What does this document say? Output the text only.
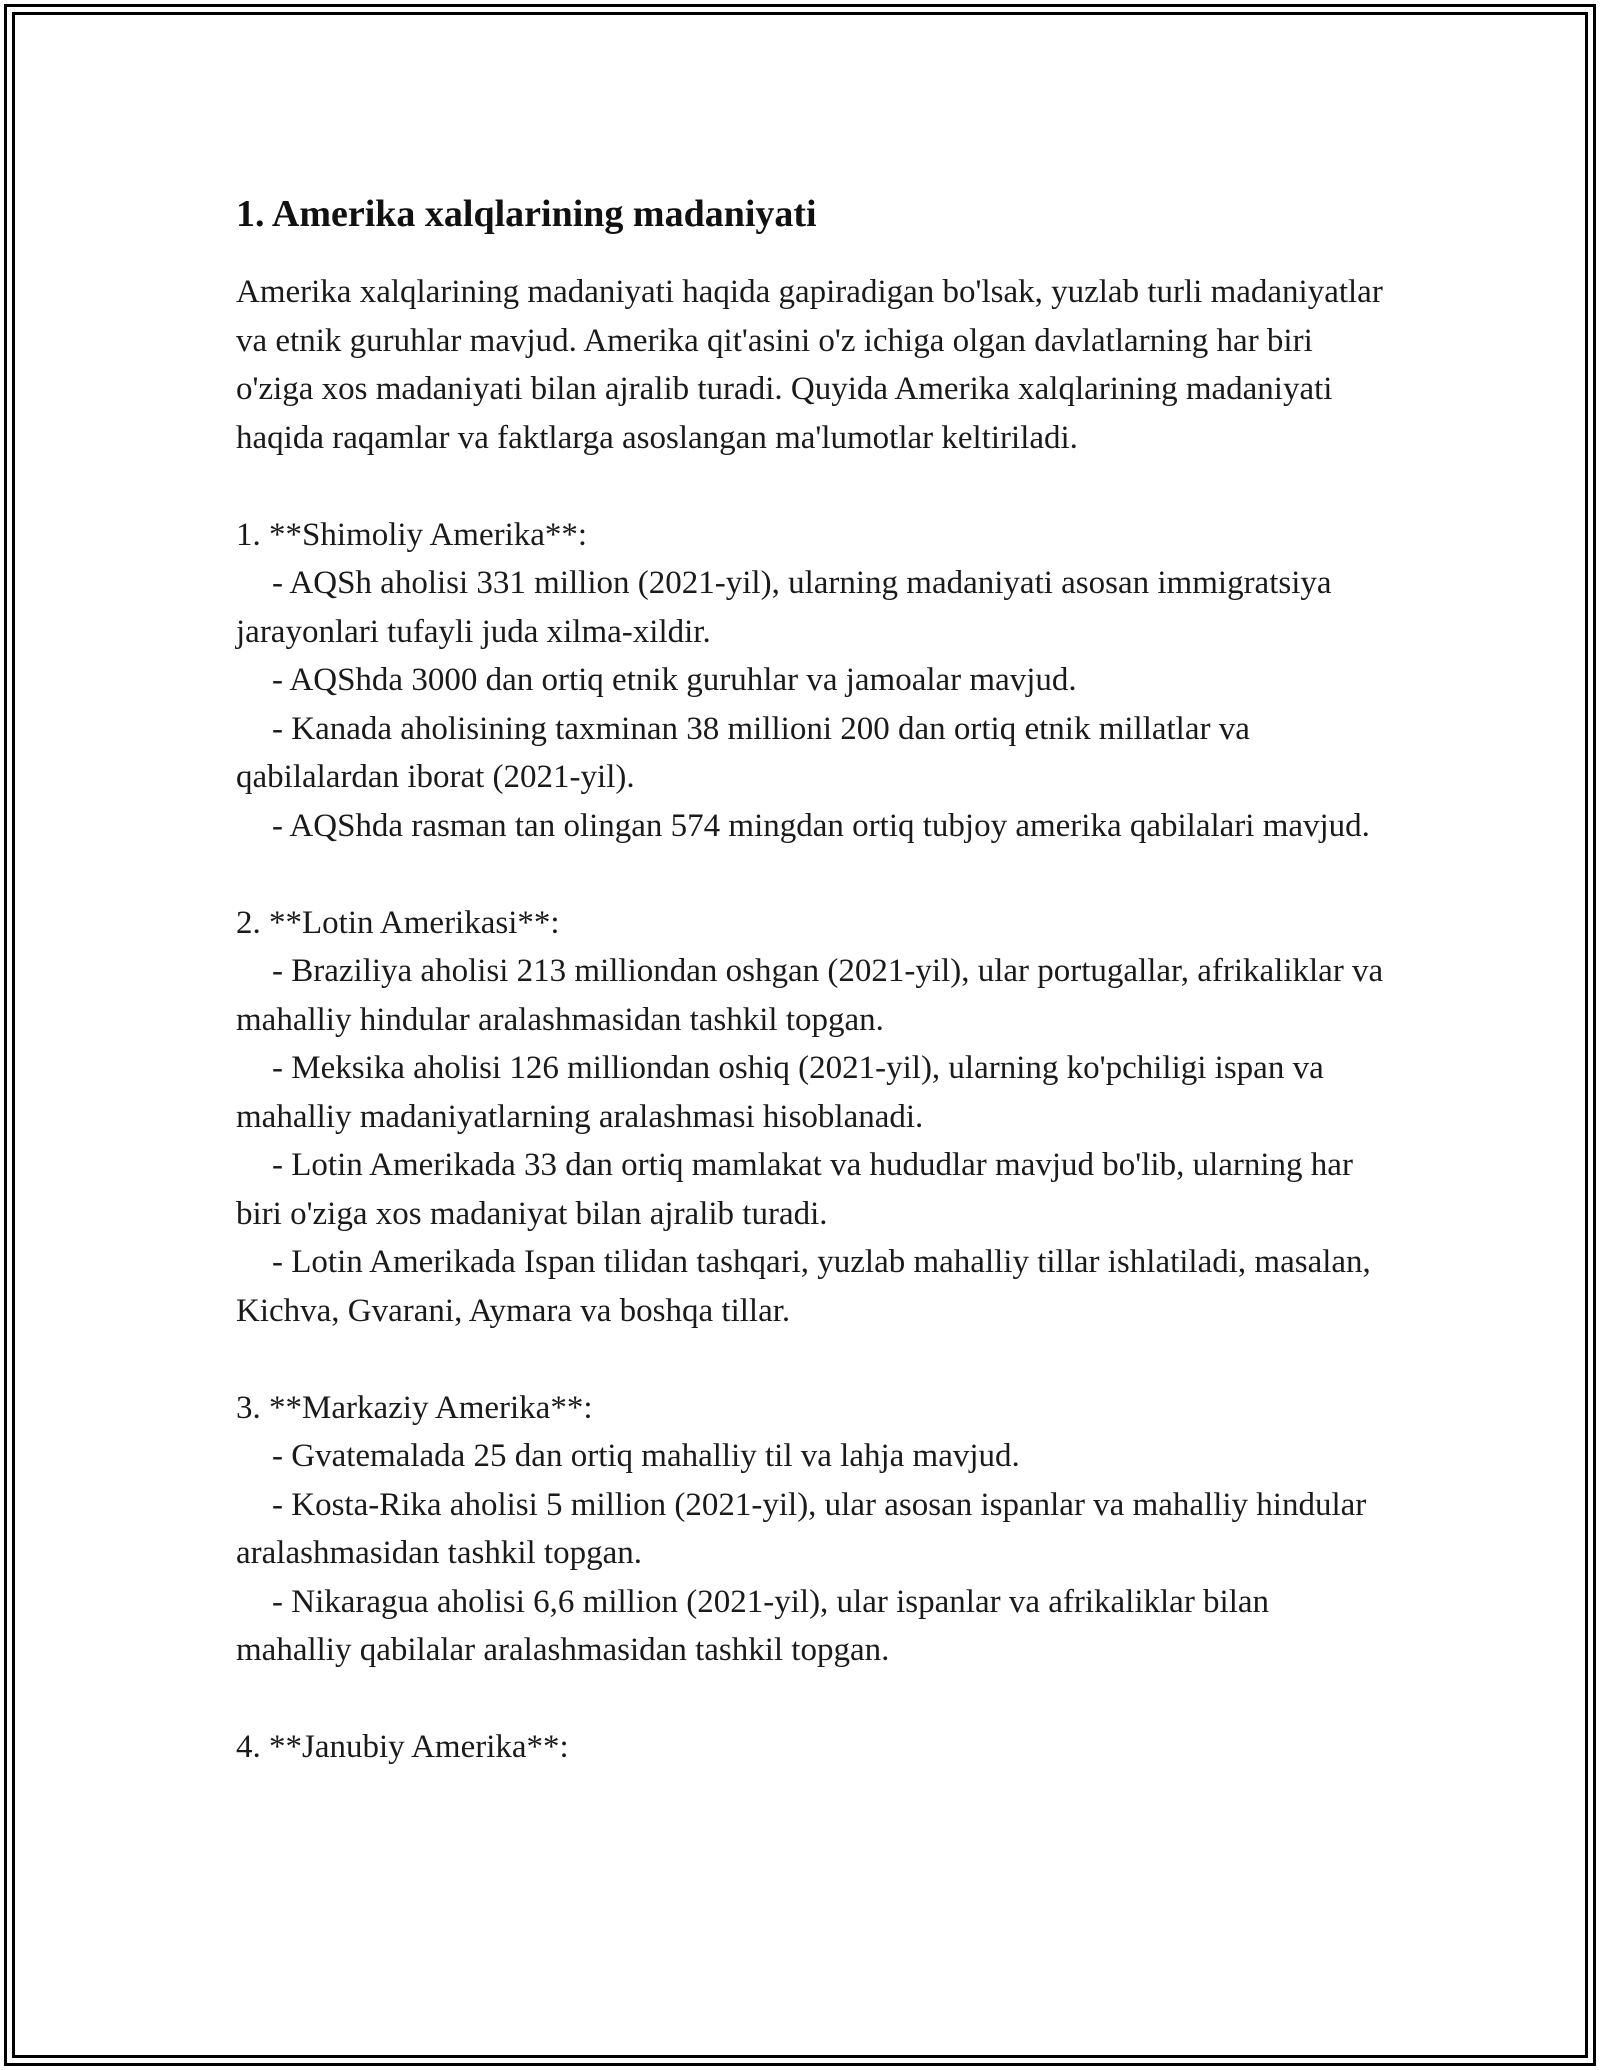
1. Amerika xalqlarining madaniyati

Amerika xalqlarining madaniyati haqida gapiradigan bo'lsak, yuzlab turli madaniyatlar va etnik guruhlar mavjud. Amerika qit'asini o'z ichiga olgan davlatlarning har biri o'ziga xos madaniyati bilan ajralib turadi. Quyida Amerika xalqlarining madaniyati haqida raqamlar va faktlarga asoslangan ma'lumotlar keltiriladi.

1. **Shimoliy Amerika**:

- AQSh aholisi 331 million (2021-yil), ularning madaniyati asosan immigratsiya jarayonlari tufayli juda xilma-xildir.

- AQShda 3000 dan ortiq etnik guruhlar va jamoalar mavjud.

- Kanada aholisining taxminan 38 millioni 200 dan ortiq etnik millatlar va qabilalardan iborat (2021-yil).

- AQShda rasman tan olingan 574 mingdan ortiq tubjoy amerika qabilalari mavjud.

2. **Lotin Amerikasi**:

- Braziliya aholisi 213 milliondan oshgan (2021-yil), ular portugallar, afrikaliklar va mahalliy hindular aralashmasidan tashkil topgan.

- Meksika aholisi 126 milliondan oshiq (2021-yil), ularning ko'pchiligi ispan va mahalliy madaniyatlarning aralashmasi hisoblanadi.

- Lotin Amerikada 33 dan ortiq mamlakat va hududlar mavjud bo'lib, ularning har biri o'ziga xos madaniyat bilan ajralib turadi.

- Lotin Amerikada Ispan tilidan tashqari, yuzlab mahalliy tillar ishlatiladi, masalan, Kichva, Gvarani, Aymara va boshqa tillar.

3. **Markaziy Amerika**:

- Gvatemalada 25 dan ortiq mahalliy til va lahja mavjud.

- Kosta-Rika aholisi 5 million (2021-yil), ular asosan ispanlar va mahalliy hindular aralashmasidan tashkil topgan.

- Nikaragua aholisi 6,6 million (2021-yil), ular ispanlar va afrikaliklar bilan mahalliy qabilalar aralashmasidan tashkil topgan.

4. **Janubiy Amerika**:
